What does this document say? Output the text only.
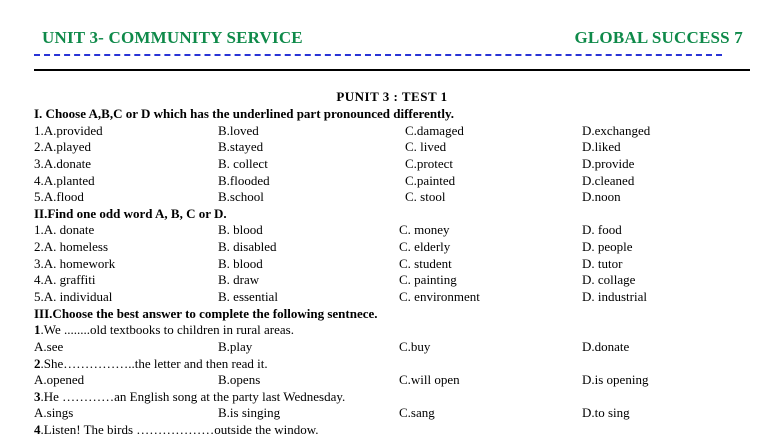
UNIT 3- COMMUNITY SERVICE	GLOBAL SUCCESS 7
PUNIT 3 : TEST 1
I. Choose A,B,C or D which has the underlined part pronounced differently.
1.A.provided	B.loved	C.damaged	D.exchanged
2.A.played	B.stayed	C. lived	D.liked
3.A.donate	B. collect	C.protect	D.provide
4.A.planted	B.flooded	C.painted	D.cleaned
5.A.flood	B.school	C. stool	D.noon
II.Find one odd word A, B, C or D.
1.A. donate	B. blood	C. money	D. food
2.A. homeless	B. disabled	C. elderly	D. people
3.A. homework	B. blood	C. student	D. tutor
4.A. graffiti	B. draw	C. painting	D. collage
5.A. individual	B. essential	C. environment	D. industrial
III.Choose the best answer to complete the following sentnece.
1.We ........old textbooks to children in rural areas.
A.see	B.play	C.buy	D.donate
2.She……………..the letter and then read it.
A.opened	B.opens	C.will open	D.is opening
3.He …………an English song at the party last Wednesday.
A.sings	B.is singing	C.sang	D.to sing
4.Listen! The birds ………………outside the window.
